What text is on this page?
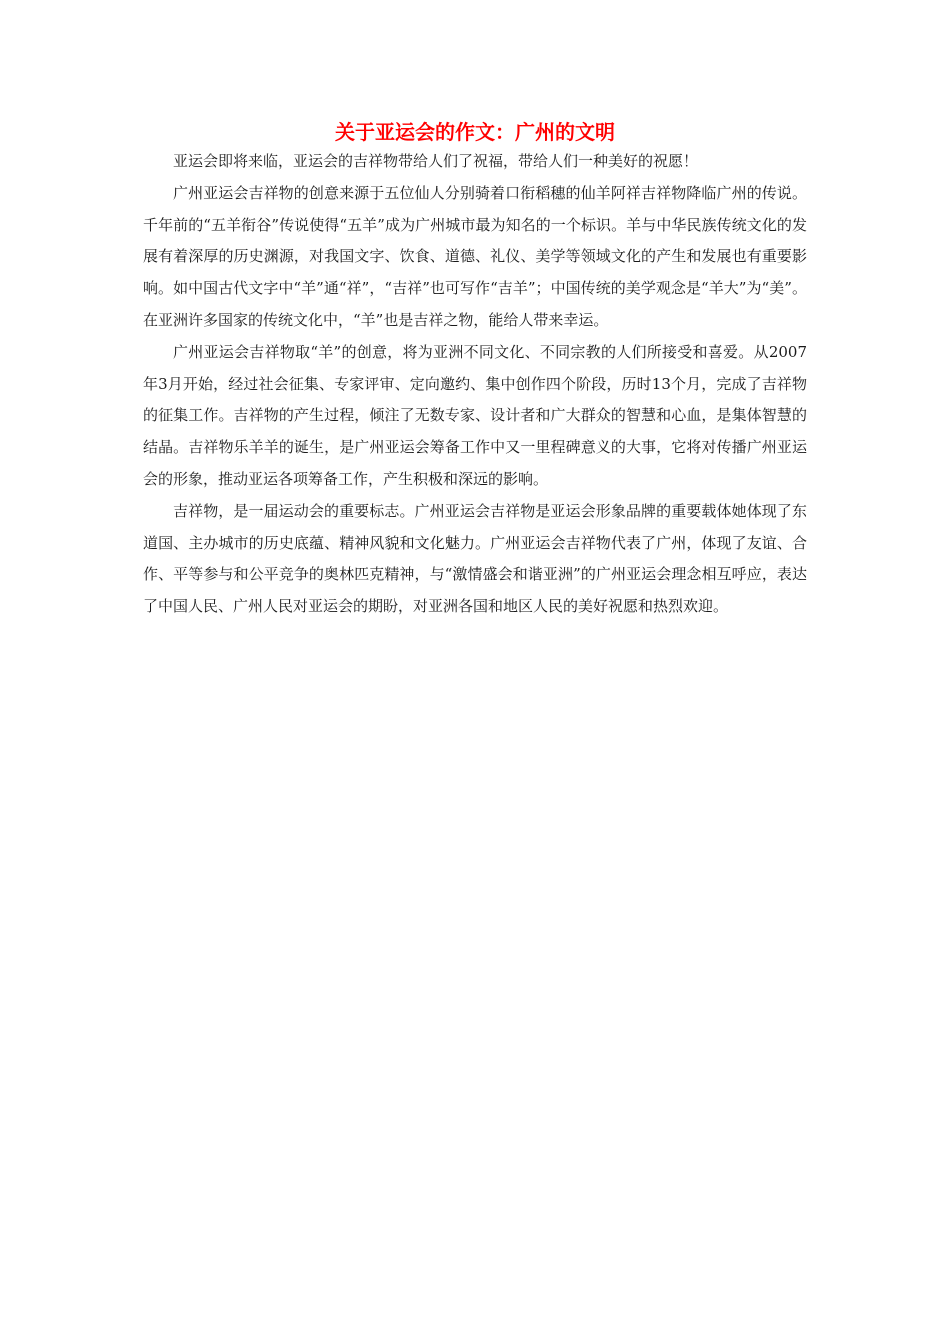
关于亚运会的作文：广州的文明

亚运会即将来临，亚运会的吉祥物带给人们了祝福，带给人们一种美好的祝愿！

广州亚运会吉祥物的创意来源于五位仙人分别骑着口衔稻穗的仙羊阿祥吉祥物降临广州的传说。千年前的“五羊衔谷”传说使得“五羊”成为广州城市最为知名的一个标识。羊与中华民族传统文化的发展有着深厚的历史渊源，对我国文字、饮食、道德、礼仪、美学等领域文化的产生和发展也有重要影响。如中国古代文字中“羊”通“祥”，“吉祥”也可写作“吉羊”；中国传统的美学观念是“羊大”为“美”。在亚洲许多国家的传统文化中，“羊”也是吉祥之物，能给人带来幸运。

广州亚运会吉祥物取“羊”的创意，将为亚洲不同文化、不同宗教的人们所接受和喜爱。从2007年3月开始，经过社会征集、专家评审、定向邀约、集中创作四个阶段，历时13个月，完成了吉祥物的征集工作。吉祥物的产生过程，倾注了无数专家、设计者和广大群众的智慧和心血，是集体智慧的结晶。吉祥物乐羊羊的诞生，是广州亚运会筹备工作中又一里程碑意义的大事，它将对传播广州亚运会的形象，推动亚运各项筹备工作，产生积极和深远的影响。

吉祥物，是一届运动会的重要标志。广州亚运会吉祥物是亚运会形象品牌的重要载体她体现了东道国、主办城市的历史底蕴、精神风貌和文化魅力。广州亚运会吉祥物代表了广州，体现了友谊、合作、平等参与和公平竞争的奥林匹克精神，与“激情盛会和谐亚洲”的广州亚运会理念相互呼应，表达了中国人民、广州人民对亚运会的期盼，对亚洲各国和地区人民的美好祝愿和热烈欢迎。
